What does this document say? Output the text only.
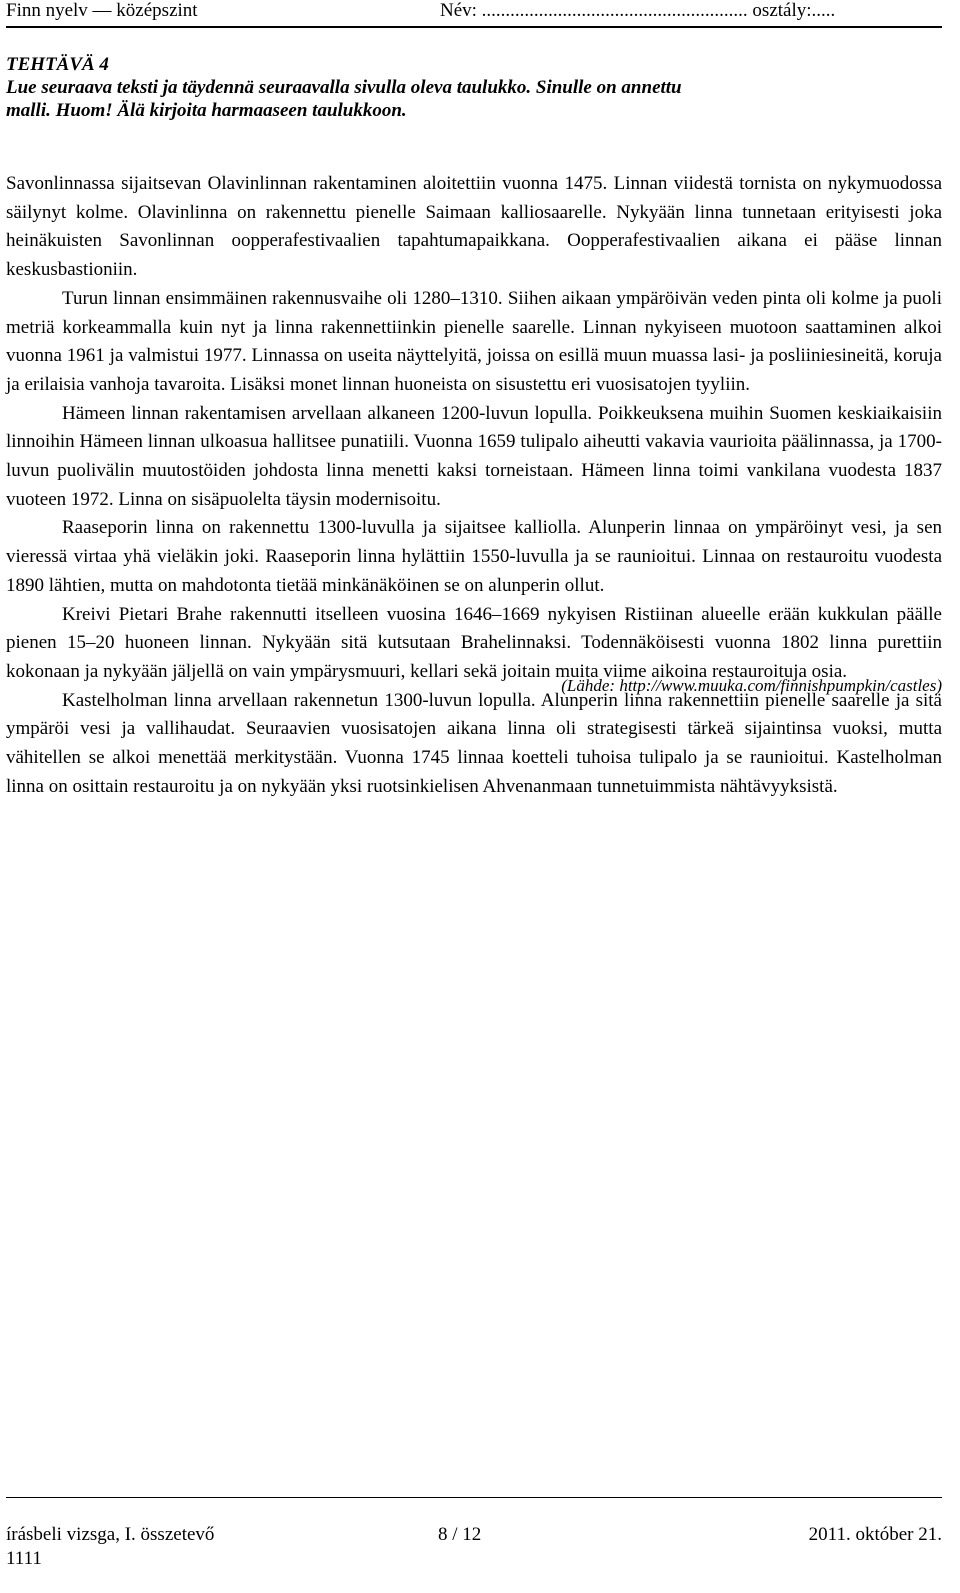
Finn nyelv — középszint	Név: ........................................................ osztály:.....
TEHTÄVÄ 4
Lue seuraava teksti ja täydennä seuraavalla sivulla oleva taulukko. Sinulle on annettu
malli. Huom! Älä kirjoita harmaaseen taulukkoon.

Savonlinnassa sijaitsevan Olavinlinnan rakentaminen aloitettiin vuonna 1475. Linnan viidestä tornista on nykymuodossa säilynyt kolme. Olavinlinna on rakennettu pienelle Saimaan kalliosaarelle. Nykyään linna tunnetaan erityisesti joka heinäkuisten Savonlinnan oopperafestivaalien tapahtumapaikkana. Oopperafestivaalien aikana ei pääse linnan keskusbastioniin.

Turun linnan ensimmäinen rakennusvaihe oli 1280–1310. Siihen aikaan ympäröivän veden pinta oli kolme ja puoli metriä korkeammalla kuin nyt ja linna rakennettiinkin pienelle saarelle. Linnan nykyiseen muotoon saattaminen alkoi vuonna 1961 ja valmistui 1977. Linnassa on useita näyttelyitä, joissa on esillä muun muassa lasi- ja posliiniesineitä, koruja ja erilaisia vanhoja tavaroita. Lisäksi monet linnan huoneista on sisustettu eri vuosisatojen tyyliin.

Hämeen linnan rakentamisen arvellaan alkaneen 1200-luvun lopulla. Poikkeuksena muihin Suomen keskiaikaisiin linnoihin Hämeen linnan ulkoasua hallitsee punatiili. Vuonna 1659 tulipalo aiheutti vakavia vaurioita päälinnassa, ja 1700-luvun puolivälin muutostöiden johdosta linna menetti kaksi torneistaan. Hämeen linna toimi vankilana vuodesta 1837 vuoteen 1972. Linna on sisäpuolelta täysin modernisoitu.

Raaseporin linna on rakennettu 1300-luvulla ja sijaitsee kalliolla. Alunperin linnaa on ympäröinyt vesi, ja sen vieressä virtaa yhä vieläkin joki. Raaseporin linna hylättiin 1550-luvulla ja se raunioitui. Linnaa on restauroitu vuodesta 1890 lähtien, mutta on mahdotonta tietää minkänäköinen se on alunperin ollut.

Kreivi Pietari Brahe rakennutti itselleen vuosina 1646–1669 nykyisen Ristiinan alueelle erään kukkulan päälle pienen 15–20 huoneen linnan. Nykyään sitä kutsutaan Brahelinnaksi. Todennäköisesti vuonna 1802 linna purettiin kokonaan ja nykyään jäljellä on vain ympärysmuuri, kellari sekä joitain muita viime aikoina restauroituja osia.

Kastelholman linna arvellaan rakennetun 1300-luvun lopulla. Alunperin linna rakennettiin pienelle saarelle ja sitä ympäröi vesi ja vallihaudat. Seuraavien vuosisatojen aikana linna oli strategisesti tärkeä sijaintinsa vuoksi, mutta vähitellen se alkoi menettää merkitystään. Vuonna 1745 linnaa koetteli tuhoisa tulipalo ja se raunioitui. Kastelholman linna on osittain restauroitu ja on nykyään yksi ruotsinkielisen Ahvenanmaan tunnetuimmista nähtävyyksistä.

(Lähde: http://www.muuka.com/finnishpumpkin/castles)
írásbeli vizsga, I. összetevő	8 / 12	2011. október 21.
1111
